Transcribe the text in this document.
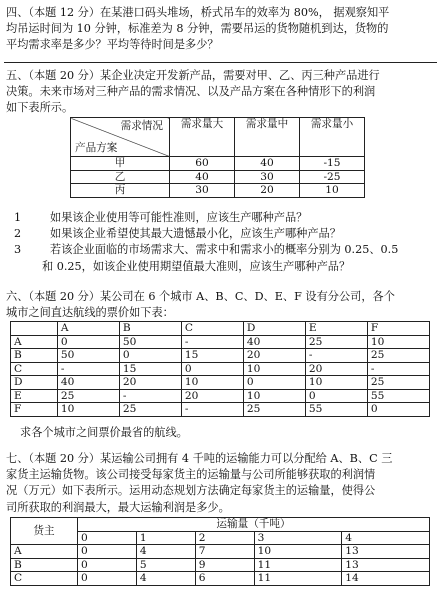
四、（本题 12 分）在某港口码头堆场，桥式吊车的效率为 80%， 据观察知平

均吊运时间为 10 分钟，标准差为 8 分钟，需要吊运的货物随机到达，货物的

平均需求率是多少？平均等待时间是多少？

五、（本题 20 分）某企业决定开发新产品，需要对甲、乙、丙三种产品进行

决策。未来市场对三种产品的需求情况、以及产品方案在各种情形下的利润

如下表所示。

需求情况
产品方案	需求量大	需求量中	需求量小

甲	60	40	-15
乙	40	30	-25
丙	30	20	10
1	如果该企业使用等可能性准则，应该生产哪种产品？
2	如果该企业希望使其最大遗憾最小化，应该生产哪种产品？
3	若该企业面临的市场需求大、需求中和需求小的概率分别为 0.25、0.5

和 0.25，如该企业使用期望值最大准则，应该生产哪种产品？

六、（本题 20 分）某公司在 6 个城市 A、B、C、D、E、F 设有分公司，各个

城市之间直达航线的票价如下表：

	A	B	C	D	E	F
A	0	50	-	40	25	10
B	50	0	15	20	-	25
C	-	15	0	10	20	-
D	40	20	10	0	10	25
E	25	-	20	10	0	55
F	10	25	-	25	55	0

求各个城市之间票价最省的航线。

七、（本题 20 分）某运输公司拥有 4 千吨的运输能力可以分配给 A、B、C 三

家货主运输货物。该公司接受每家货主的运输量与公司所能够获取的利润情

况（万元）如下表所示。运用动态规划方法确定每家货主的运输量，使得公

司所获取的利润最大，最大运输利润是多少。

货主	运输量（千吨）				
	0	1	2	3	4
A	0	4	7	10	13
B	0	5	9	11	13
C	0	4	6	11	14
